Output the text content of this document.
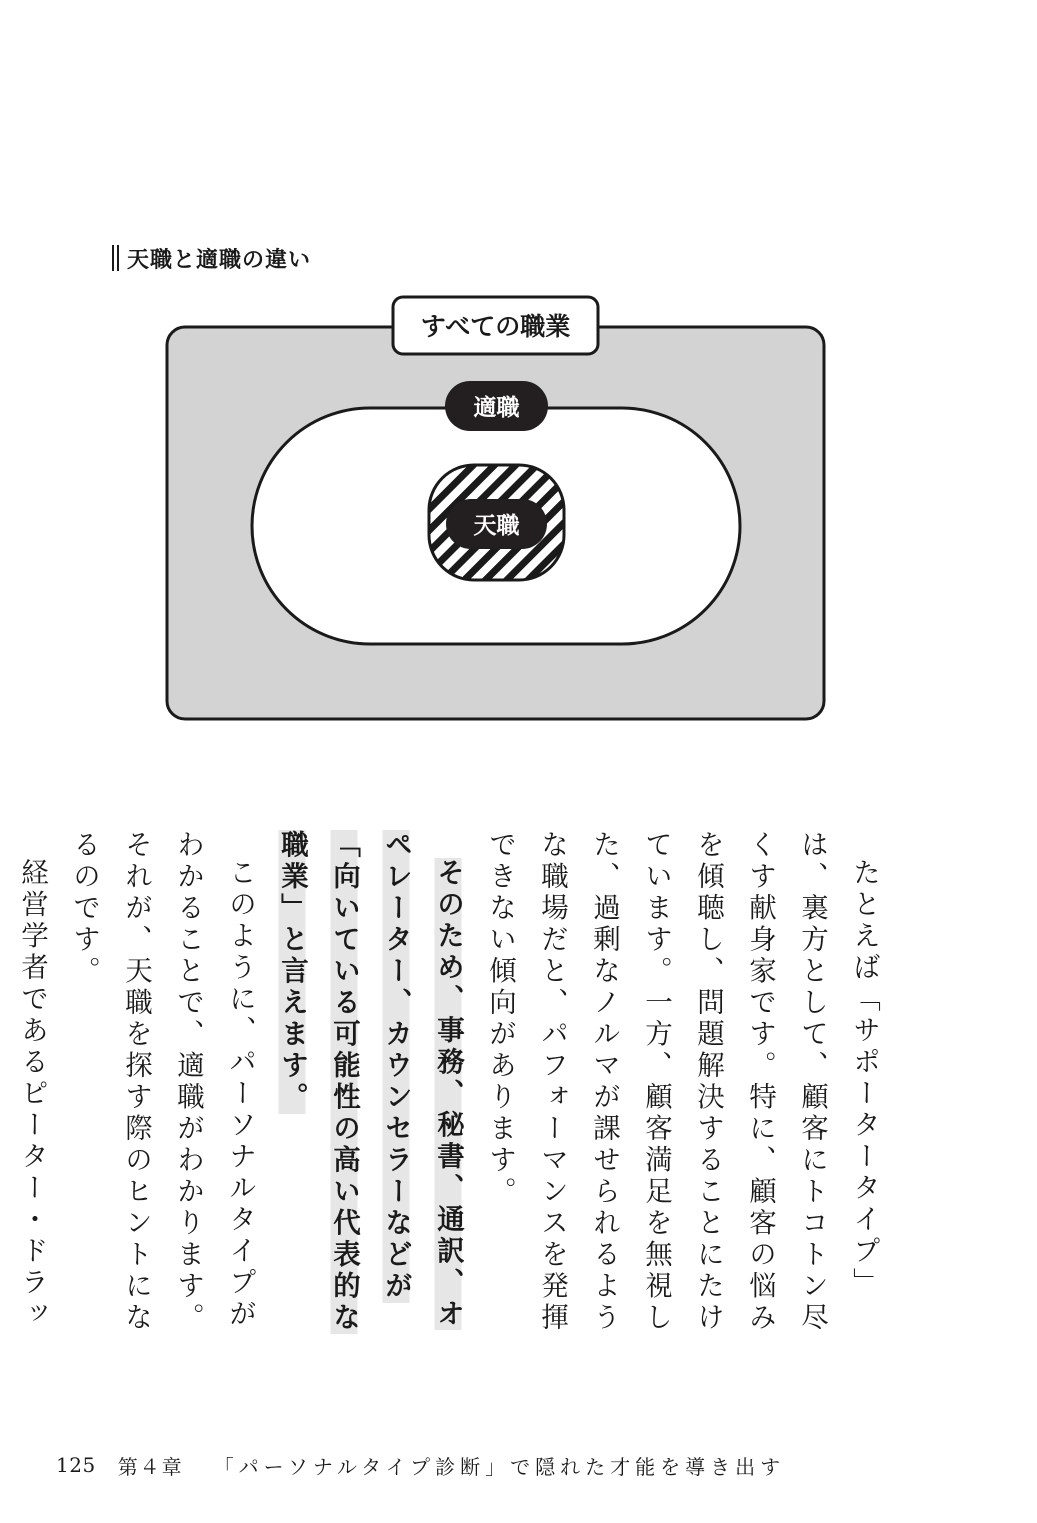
天職と適職の違い
すべての職業
適職
天職

たとえば「サポータータイプ」は、裏方として、顧客にトコトン尽くす献身家です。特に、顧客の悩みを傾聴し、問題解決することにたけています。一方、顧客満足を無視した、過剰なノルマが課せられるような職場だと、パフォーマンスを発揮できない傾向があります。

そのため、事務、秘書、通訳、オペレーター、カウンセラーなどが「向いている可能性の高い代表的な職業」と言えます。

このように、パーソナルタイプがわかることで、適職がわかります。それが、天職を探す際のヒントになるのです。

経営学者であるピーター・ドラッ

125 第４章 「パーソナルタイプ診断」で隠れた才能を導き出す
